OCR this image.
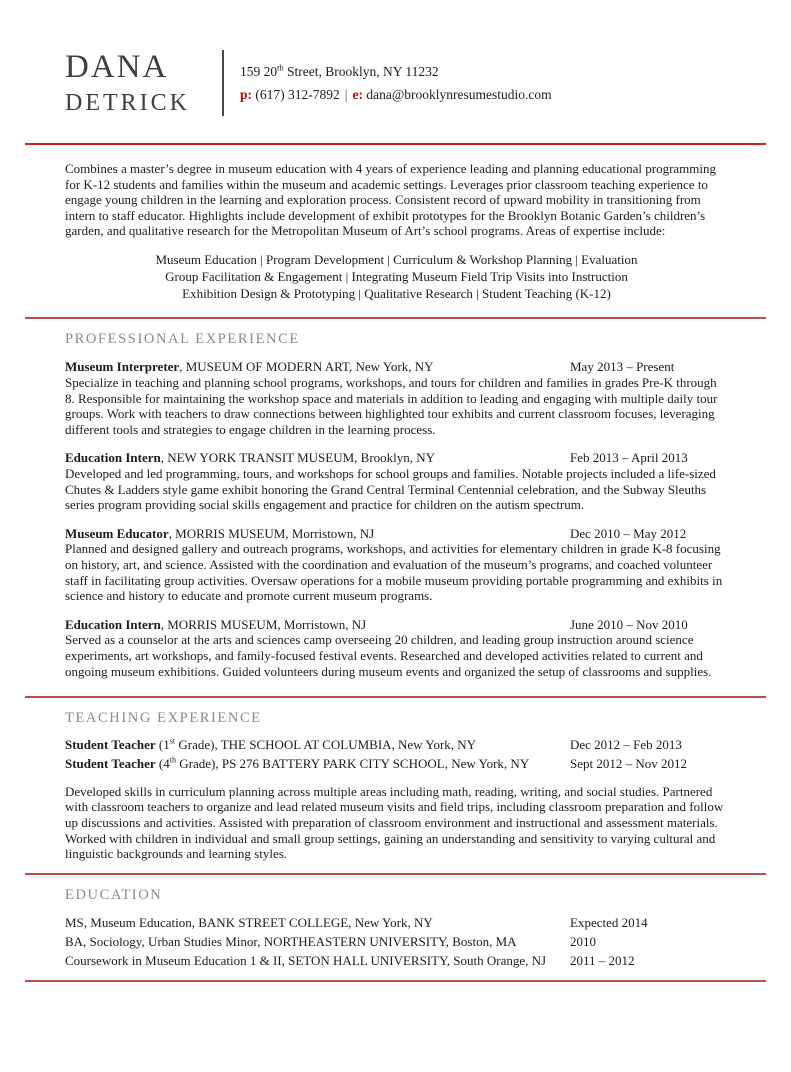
DANA
DETRICK
159 20th Street, Brooklyn, NY 11232
p: (617) 312-7892 | e: dana@brooklynresumestudio.com

Combines a master’s degree in museum education with 4 years of experience leading and planning educational programming for K-12 students and families within the museum and academic settings. Leverages prior classroom teaching experience to engage young children in the learning and exploration process. Consistent record of upward mobility in transitioning from intern to staff educator. Highlights include development of exhibit prototypes for the Brooklyn Botanic Garden’s children’s garden, and qualitative research for the Metropolitan Museum of Art’s school programs. Areas of expertise include:

Museum Education | Program Development | Curriculum & Workshop Planning | Evaluation
Group Facilitation & Engagement | Integrating Museum Field Trip Visits into Instruction
Exhibition Design & Prototyping | Qualitative Research | Student Teaching (K-12)
PROFESSIONAL EXPERIENCE
Museum Interpreter, MUSEUM OF MODERN ART, New York, NY	May 2013 – Present

Specialize in teaching and planning school programs, workshops, and tours for children and families in grades Pre-K through 8. Responsible for maintaining the workshop space and materials in addition to leading and engaging with multiple daily tour groups. Work with teachers to draw connections between highlighted tour exhibits and current classroom focuses, leveraging different tools and strategies to engage children in the learning process.

Education Intern, NEW YORK TRANSIT MUSEUM, Brooklyn, NY	Feb 2013 – April 2013

Developed and led programming, tours, and workshops for school groups and families. Notable projects included a life-sized Chutes & Ladders style game exhibit honoring the Grand Central Terminal Centennial celebration, and the Subway Sleuths series program providing social skills engagement and practice for children on the autism spectrum.

Museum Educator, MORRIS MUSEUM, Morristown, NJ	Dec 2010 – May 2012

Planned and designed gallery and outreach programs, workshops, and activities for elementary children in grade K-8 focusing on history, art, and science. Assisted with the coordination and evaluation of the museum’s programs, and coached volunteer staff in facilitating group activities. Oversaw operations for a mobile museum providing portable programming and exhibits in science and history to educate and promote current museum programs.

Education Intern, MORRIS MUSEUM, Morristown, NJ	June 2010 – Nov 2010

Served as a counselor at the arts and sciences camp overseeing 20 children, and leading group instruction around science experiments, art workshops, and family-focused festival events. Researched and developed activities related to current and ongoing museum exhibitions. Guided volunteers during museum events and organized the setup of classrooms and supplies.

TEACHING EXPERIENCE
Student Teacher (1st Grade), THE SCHOOL AT COLUMBIA, New York, NY	Dec 2012 – Feb 2013
Student Teacher (4th Grade), PS 276 BATTERY PARK CITY SCHOOL, New York, NY	Sept 2012 – Nov 2012

Developed skills in curriculum planning across multiple areas including math, reading, writing, and social studies. Partnered with classroom teachers to organize and lead related museum visits and field trips, including classroom preparation and follow up discussions and activities. Assisted with preparation of classroom environment and instructional and assessment materials. Worked with children in individual and small group settings, gaining an understanding and sensitivity to varying cultural and linguistic backgrounds and learning styles.

EDUCATION
MS, Museum Education, BANK STREET COLLEGE, New York, NY	Expected 2014
BA, Sociology, Urban Studies Minor, NORTHEASTERN UNIVERSITY, Boston, MA	2010
Coursework in Museum Education 1 & II, SETON HALL UNIVERSITY, South Orange, NJ 2011 – 2012
